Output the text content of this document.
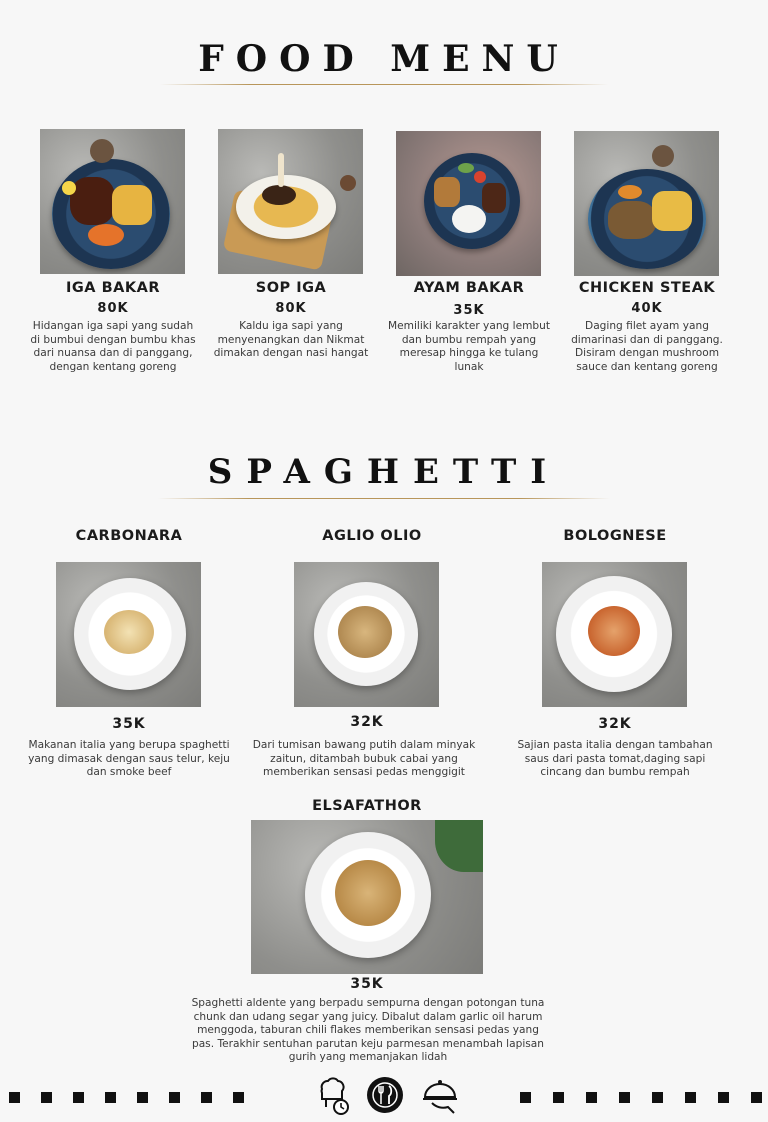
FOOD MENU
IGA BAKAR
80K
Hidangan iga sapi yang sudah di bumbui dengan bumbu khas dari nuansa dan di panggang, dengan kentang goreng
SOP IGA
80K
Kaldu iga sapi yang menyenangkan dan Nikmat dimakan dengan nasi hangat
AYAM BAKAR
35K
Memiliki karakter yang lembut dan bumbu rempah yang meresap hingga ke tulang lunak
CHICKEN STEAK
40K
Daging filet ayam yang dimarinasi dan di panggang. Disiram dengan mushroom sauce dan kentang goreng
SPAGHETTI
CARBONARA
35K
Makanan italia yang berupa spaghetti yang dimasak dengan saus telur, keju dan smoke beef
AGLIO OLIO
32K
Dari tumisan bawang putih dalam minyak zaitun, ditambah bubuk cabai yang memberikan sensasi pedas menggigit
BOLOGNESE
32K
Sajian pasta italia dengan tambahan saus dari pasta tomat,daging sapi cincang dan bumbu rempah
ELSAFATHOR
35K
Spaghetti aldente yang berpadu sempurna dengan potongan tuna chunk dan udang segar yang juicy. Dibalut dalam garlic oil harum menggoda, taburan chili flakes memberikan sensasi pedas yang pas. Terakhir sentuhan parutan keju parmesan menambah lapisan gurih yang memanjakan lidah
